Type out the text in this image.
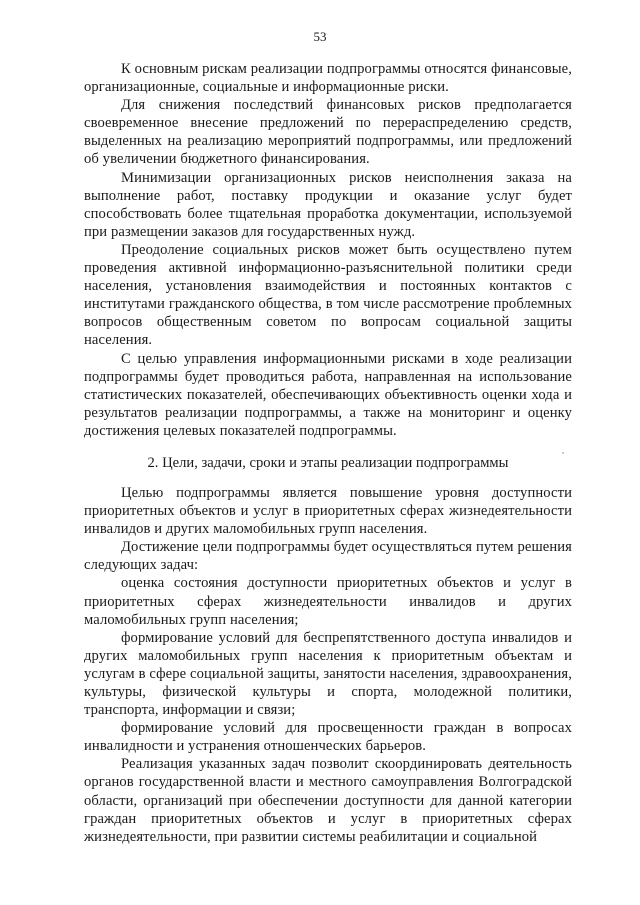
53

К основным рискам реализации подпрограммы относятся финансовые, организационные, социальные и информационные риски.

Для снижения последствий финансовых рисков предполагается своевременное внесение предложений по перераспределению средств, выделенных на реализацию мероприятий подпрограммы, или предложений об увеличении бюджетного финансирования.

Минимизации организационных рисков неисполнения заказа на выполнение работ, поставку продукции и оказание услуг будет способствовать более тщательная проработка документации, используемой при размещении заказов для государственных нужд.

Преодоление социальных рисков может быть осуществлено путем проведения активной информационно-разъяснительной политики среди населения, установления взаимодействия и постоянных контактов с институтами гражданского общества, в том числе рассмотрение проблемных вопросов общественным советом по вопросам социальной защиты населения.

С целью управления информационными рисками в ходе реализации подпрограммы будет проводиться работа, направленная на использование статистических показателей, обеспечивающих объективность оценки хода и результатов реализации подпрограммы, а также на мониторинг и оценку достижения целевых показателей подпрограммы.

2. Цели, задачи, сроки и этапы реализации подпрограммы

Целью подпрограммы является повышение уровня доступности приоритетных объектов и услуг в приоритетных сферах жизнедеятельности инвалидов и других маломобильных групп населения.

Достижение цели подпрограммы будет осуществляться путем решения следующих задач:

оценка состояния доступности приоритетных объектов и услуг в приоритетных сферах жизнедеятельности инвалидов и других маломобильных групп населения;

формирование условий для беспрепятственного доступа инвалидов и других маломобильных групп населения к приоритетным объектам и услугам в сфере социальной защиты, занятости населения, здравоохранения, культуры, физической культуры и спорта, молодежной политики, транспорта, информации и связи;

формирование условий для просвещенности граждан в вопросах инвалидности и устранения отношенческих барьеров.

Реализация указанных задач позволит скоординировать деятельность органов государственной власти и местного самоуправления Волгоградской области, организаций при обеспечении доступности для данной категории граждан приоритетных объектов и услуг в приоритетных сферах жизнедеятельности, при развитии системы реабилитации и социальной
